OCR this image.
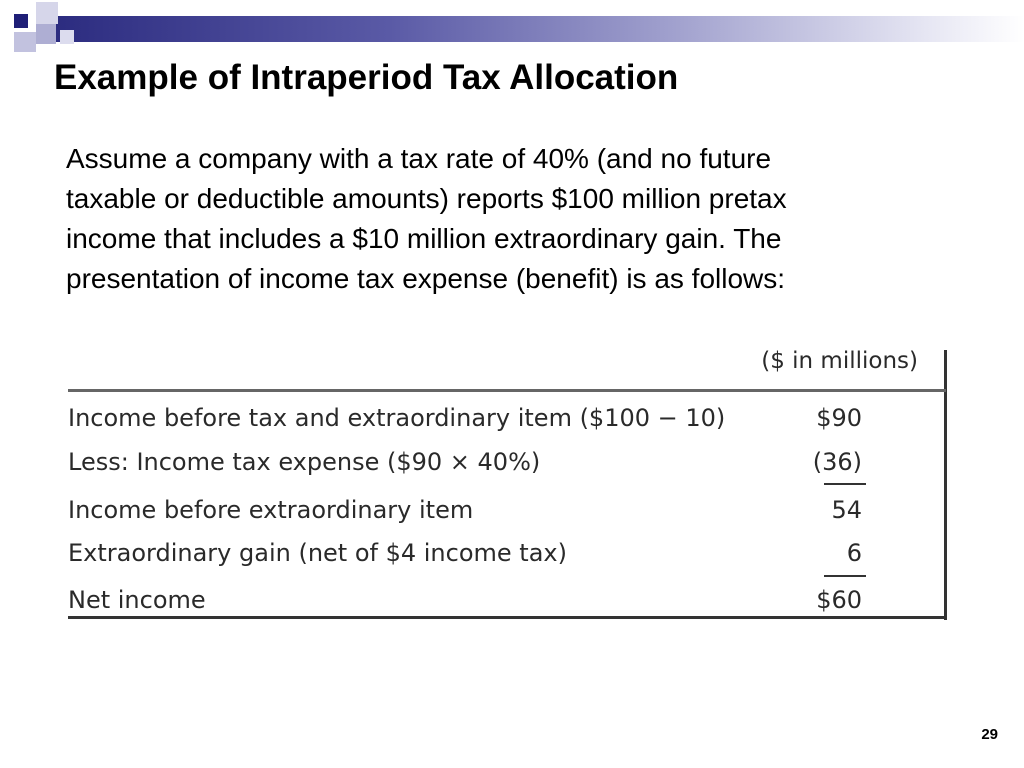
Example of Intraperiod Tax Allocation
Assume a company with a tax rate of 40% (and no future
taxable or deductible amounts) reports $100 million pretax
income that includes a $10 million extraordinary gain. The
presentation of income tax expense (benefit) is as follows:
($ in millions)
Income before tax and extraordinary item ($100 − 10)	$90
Less: Income tax expense ($90 × 40%)	(36)
Income before extraordinary item	54
Extraordinary gain (net of $4 income tax)	6
Net income	$60
29
